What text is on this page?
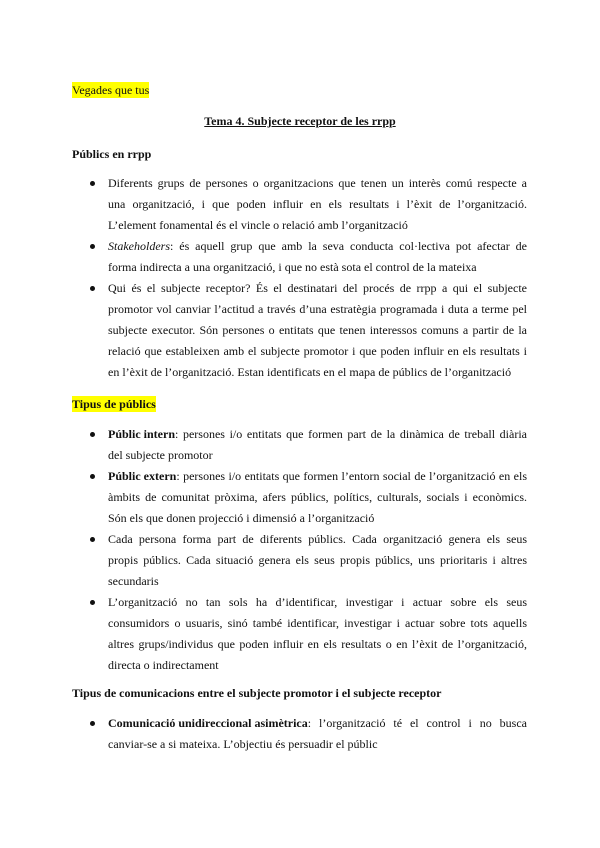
Vegades que tus
Tema 4. Subjecte receptor de les rrpp
Públics en rrpp
Diferents grups de persones o organitzacions que tenen un interès comú respecte a
una organització, i que poden influir en els resultats i l’èxit de l’organització.
L’element fonamental és el vincle o relació amb l’organització
Stakeholders : és aquell grup que amb la seva conducta col·lectiva pot afectar de
forma indirecta a una organització, i que no està sota el control de la mateixa
Qui és el subjecte receptor? És el destinatari del procés de rrpp a qui el subjecte
promotor vol canviar l’actitud a través d’una estratègia programada i duta a terme pel
subjecte executor. Són persones o entitats que tenen interessos comuns a partir de la
relació que estableixen amb el subjecte promotor i que poden influir en els resultats i
en l’èxit de l’organització. Estan identificats en el mapa de públics de l’organització
Tipus de públics
Públic intern : persones i/o entitats que formen part de la dinàmica de treball diària
del subjecte promotor
Públic extern : persones i/o entitats que formen l’entorn social de l’organització en els
àmbits de comunitat pròxima, afers públics, polítics, culturals, socials i econòmics.
Són els que donen projecció i dimensió a l’organització
Cada persona forma part de diferents públics. Cada organització genera els seus
propis públics. Cada situació genera els seus propis públics, uns prioritaris i altres
secundaris
L’organització no tan sols ha d’identificar, investigar i actuar sobre els seus
consumidors o usuaris, sinó també identificar, investigar i actuar sobre tots aquells
altres grups/individus que poden influir en els resultats o en l’èxit de l’organització,
directa o indirectament
Tipus de comunicacions entre el subjecte promotor i el subjecte receptor
Comunicació unidireccional asimètrica : l’organització té el control i no busca
canviar-se a si mateixa. L’objectiu és persuadir el públic
